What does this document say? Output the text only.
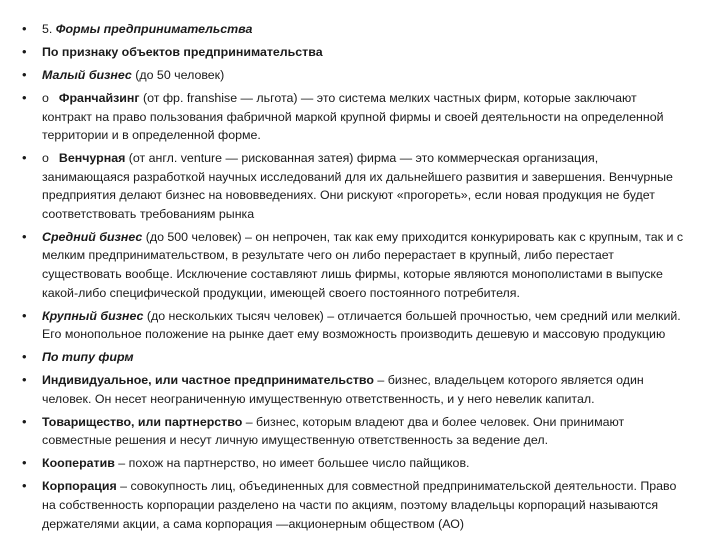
• 5. Формы предпринимательства
• По признаку объектов предпринимательства
• Малый бизнес (до 50 человек)
• o Франчайзинг (от фр. franshise — льгота) — это система мелких частных фирм, которые заключают контракт на право пользования фабричной маркой крупной фирмы и своей деятельности на определенной территории и в определенной форме.
• o Венчурная (от англ. venture — рискованная затея) фирма — это коммерческая организация, занимающаяся разработкой научных исследований для их дальнейшего развития и завершения. Венчурные предприятия делают бизнес на нововведениях. Они рискуют «прогореть», если новая продукция не будет соответствовать требованиям рынка
• Средний бизнес (до 500 человек) – он непрочен, так как ему приходится конкурировать как с крупным, так и с мелким предпринимательством, в результате чего он либо перерастает в крупный, либо перестает существовать вообще. Исключение составляют лишь фирмы, которые являются монополистами в выпуске какой-либо специфической продукции, имеющей своего постоянного потребителя.
• Крупный бизнес (до нескольких тысяч человек) – отличается большей прочностью, чем средний или мелкий. Его монопольное положение на рынке дает ему возможность производить дешевую и массовую продукцию
• По типу фирм
• Индивидуальное, или частное предпринимательство – бизнес, владельцем которого является один человек. Он несет неограниченную имущественную ответственность, и у него невелик капитал.
• Товарищество, или партнерство – бизнес, которым владеют два и более человек. Они принимают совместные решения и несут личную имущественную ответственность за ведение дел.
• Кооператив – похож на партнерство, но имеет большее число пайщиков.
• Корпорация – совокупность лиц, объединенных для совместной предпринимательской деятельности. Право на собственность корпорации разделено на части по акциям, поэтому владельцы корпораций называются держателями акции, а сама корпорация —акционерным обществом (АО)
